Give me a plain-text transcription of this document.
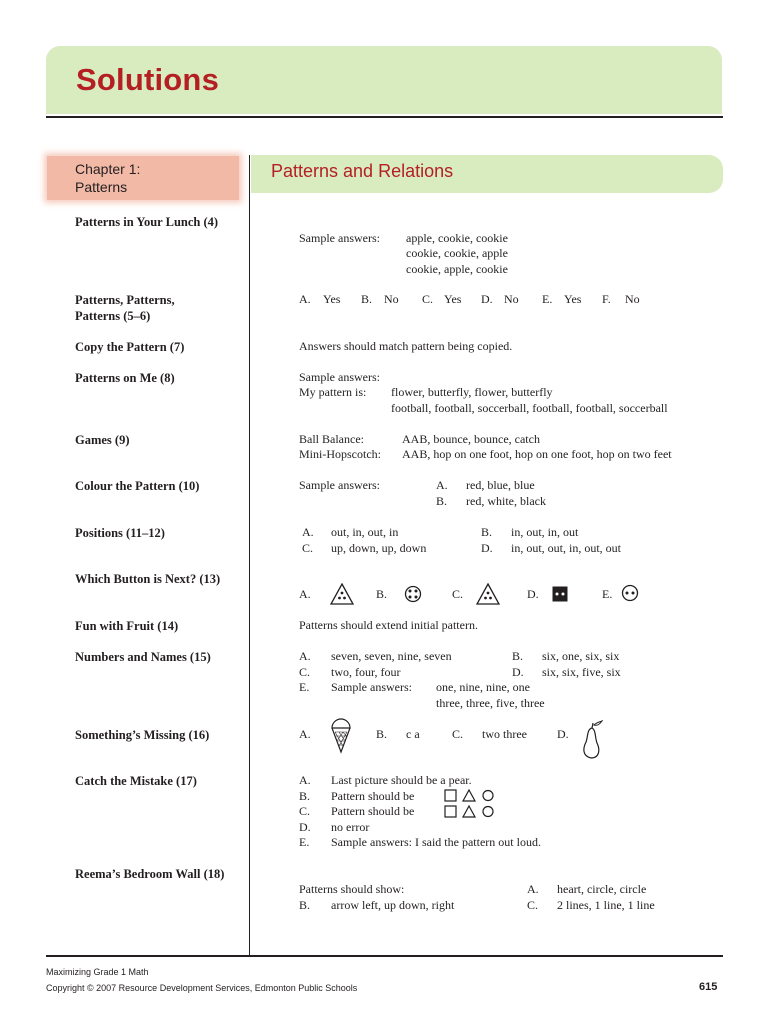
Solutions
Chapter 1:
Patterns
Patterns and Relations
Patterns in Your Lunch (4)
Sample answers: apple, cookie, cookie
cookie, cookie, apple
cookie, apple, cookie
Patterns, Patterns, Patterns (5–6)
A. Yes B. No C. Yes D. No E. Yes F. No
Copy the Pattern (7)	Answers should match pattern being copied.
Patterns on Me (8)	Sample answers:
My pattern is: flower, butterfly, flower, butterfly
football, football, soccerball, football, football, soccerball
Games (9)	Ball Balance:	AAB, bounce, bounce, catch
Mini-Hopscotch: AAB, hop on one foot, hop on one foot, hop on two feet
Colour the Pattern (10)	Sample answers:	A. red, blue, blue
B. red, white, black
Positions (11–12)	A. out, in, out, in	B. in, out, in, out
C. up, down, up, down	D. in, out, out, in, out, out
Which Button is Next? (13)
A.	B.	C.	D.	E.
Fun with Fruit (14)	Patterns should extend initial pattern.
Numbers and Names (15)	A. seven, seven, nine, seven	B. six, one, six, six
C. two, four, four	D. six, six, five, six
E. Sample answers: one, nine, nine, one
three, three, five, three
Something’s Missing (16)	A.	B. c a	C. two three	D.
Catch the Mistake (17)	A. Last picture should be a pear.
B. Pattern should be
C. Pattern should be
D. no error
E. Sample answers: I said the pattern out loud.
Reema’s Bedroom Wall (18)
Patterns should show:	A. heart, circle, circle
B. arrow left, up down, right	C. 2 lines, 1 line, 1 line
Maximizing Grade 1 Math
Copyright © 2007 Resource Development Services, Edmonton Public Schools	615
